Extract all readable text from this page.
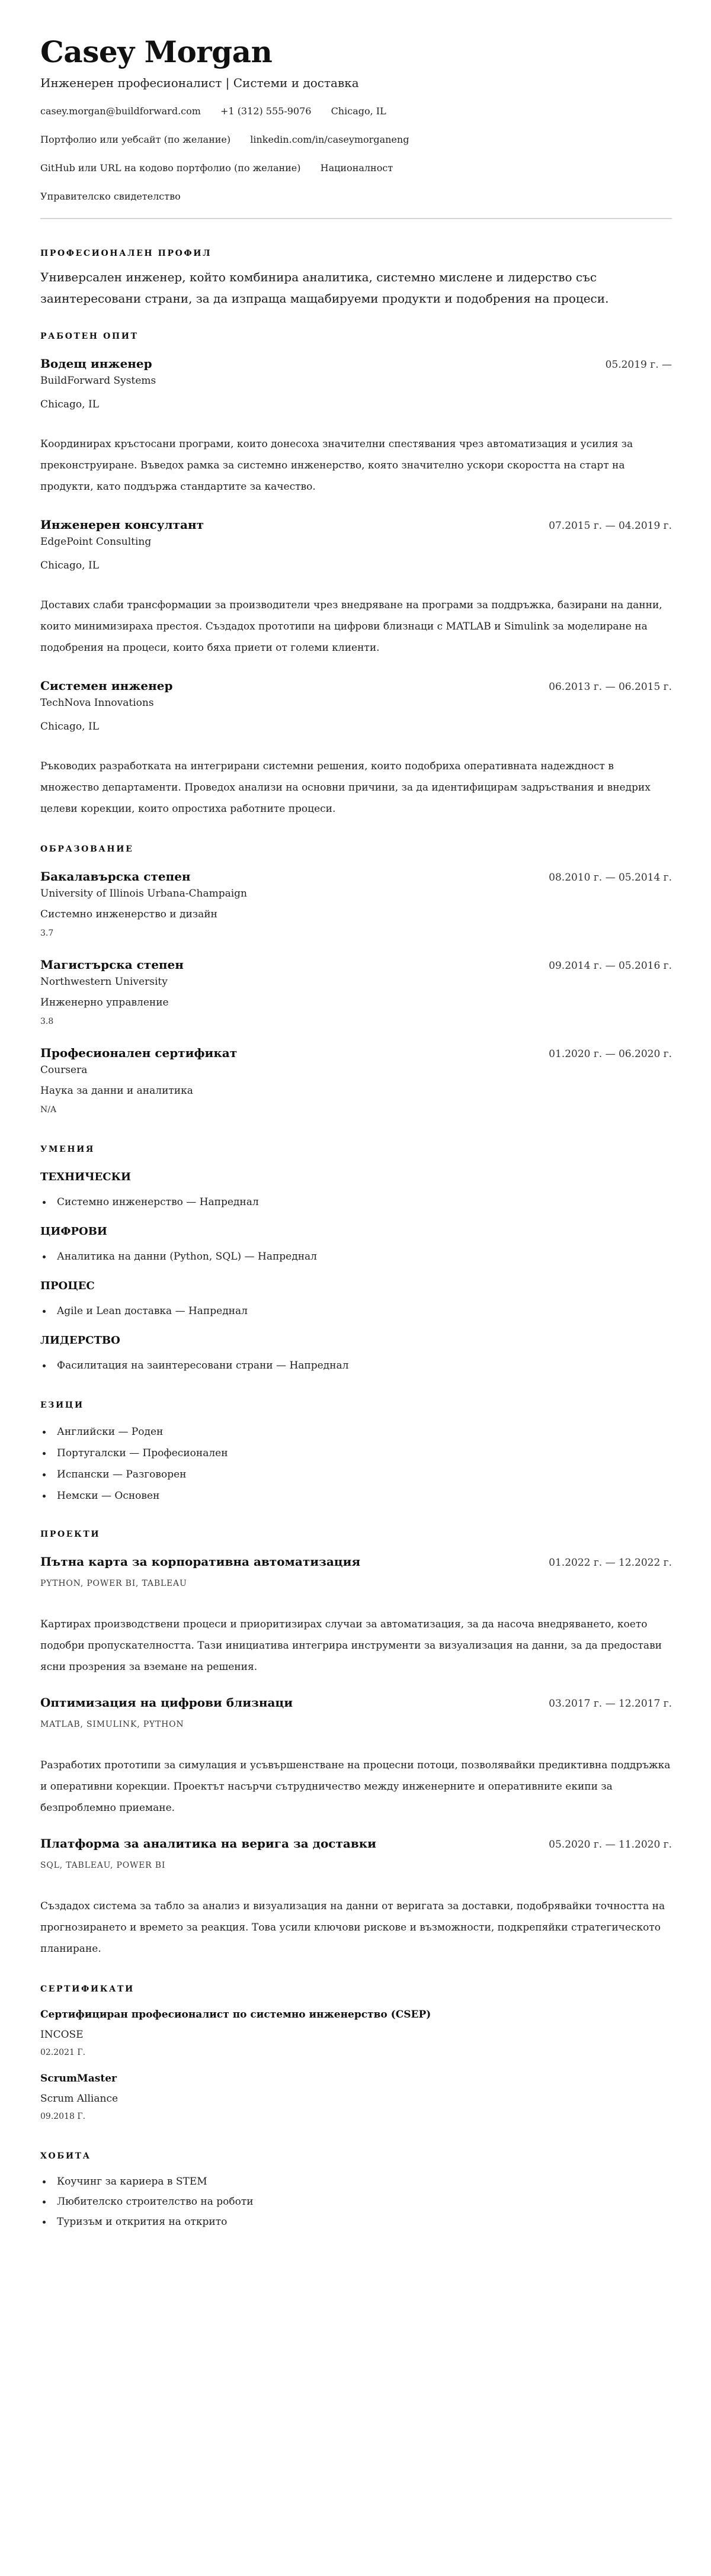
Casey Morgan
Инженерен професионалист | Системи и доставка
casey.morgan@buildforward.com +1 (312) 555-9076 Chicago, IL
Портфолио или уебсайт (по желание) linkedin.com/in/caseymorganeng
GitHub или URL на кодово портфолио (по желание) Националност
Управителско свидетелство
ПРОФЕСИОНАЛЕН ПРОФИЛ

Универсален инженер, който комбинира аналитика, системно мислене и лидерство със заинтересовани страни, за да изпраща мащабируеми продукти и подобрения на процеси.

РАБОТЕН ОПИТ
Водещ инженер	05.2019 г. —
BuildForward Systems
Chicago, IL

Координирах кръстосани програми, които донесоха значителни спестявания чрез автоматизация и усилия за преконструиране. Въведох рамка за системно инженерство, която значително ускори скоростта на старт на продукти, като поддържа стандартите за качество.

Инженерен консултант	07.2015 г. — 04.2019 г.
EdgePoint Consulting
Chicago, IL

Доставих слаби трансформации за производители чрез внедряване на програми за поддръжка, базирани на данни, които минимизираха престоя. Създадох прототипи на цифрови близнаци с MATLAB и Simulink за моделиране на подобрения на процеси, които бяха приети от големи клиенти.

Системен инженер	06.2013 г. — 06.2015 г.
TechNova Innovations
Chicago, IL

Ръководих разработката на интегрирани системни решения, които подобриха оперативната надеждност в множество департаменти. Проведох анализи на основни причини, за да идентифицирам задръствания и внедрих целеви корекции, които опростиха работните процеси.

ОБРАЗОВАНИЕ
Бакалавърска степен	08.2010 г. — 05.2014 г.
University of Illinois Urbana-Champaign
Системно инженерство и дизайн
3.7
Магистърска степен	09.2014 г. — 05.2016 г.
Northwestern University
Инженерно управление
3.8
Професионален сертификат	01.2020 г. — 06.2020 г.
Coursera
Наука за данни и аналитика
N/A
УМЕНИЯ
ТЕХНИЧЕСКИ
Системно инженерство — Напреднал
ЦИФРОВИ
Аналитика на данни (Python, SQL) — Напреднал
ПРОЦЕС
Agile и Lean доставка — Напреднал
ЛИДЕРСТВО
Фасилитация на заинтересовани страни — Напреднал
ЕЗИЦИ
Английски — Роден
Португалски — Професионален
Испански — Разговорен
Немски — Основен
ПРОЕКТИ
Пътна карта за корпоративна автоматизация	01.2022 г. — 12.2022 г.
PYTHON, POWER BI, TABLEAU

Картирах производствени процеси и приоритизирах случаи за автоматизация, за да насоча внедряването, което подобри пропускателността. Тази инициатива интегрира инструменти за визуализация на данни, за да предостави ясни прозрения за вземане на решения.

Оптимизация на цифрови близнаци	03.2017 г. — 12.2017 г.
MATLAB, SIMULINK, PYTHON

Разработих прототипи за симулация и усъвършенстване на процесни потоци, позволявайки предиктивна поддръжка и оперативни корекции. Проектът насърчи сътрудничество между инженерните и оперативните екипи за безпроблемно приемане.

Платформа за аналитика на верига за доставки	05.2020 г. — 11.2020 г.
SQL, TABLEAU, POWER BI

Създадох система за табло за анализ и визуализация на данни от веригата за доставки, подобрявайки точността на прогнозирането и времето за реакция. Това усили ключови рискове и възможности, подкрепяйки стратегическото планиране.

СЕРТИФИКАТИ
Сертифициран професионалист по системно инженерство (CSEP)
INCOSE
02.2021 Г.
ScrumMaster
Scrum Alliance
09.2018 Г.
ХОБИТА
Коучинг за кариера в STEM
Любителско строителство на роботи
Туризъм и открития на открито
